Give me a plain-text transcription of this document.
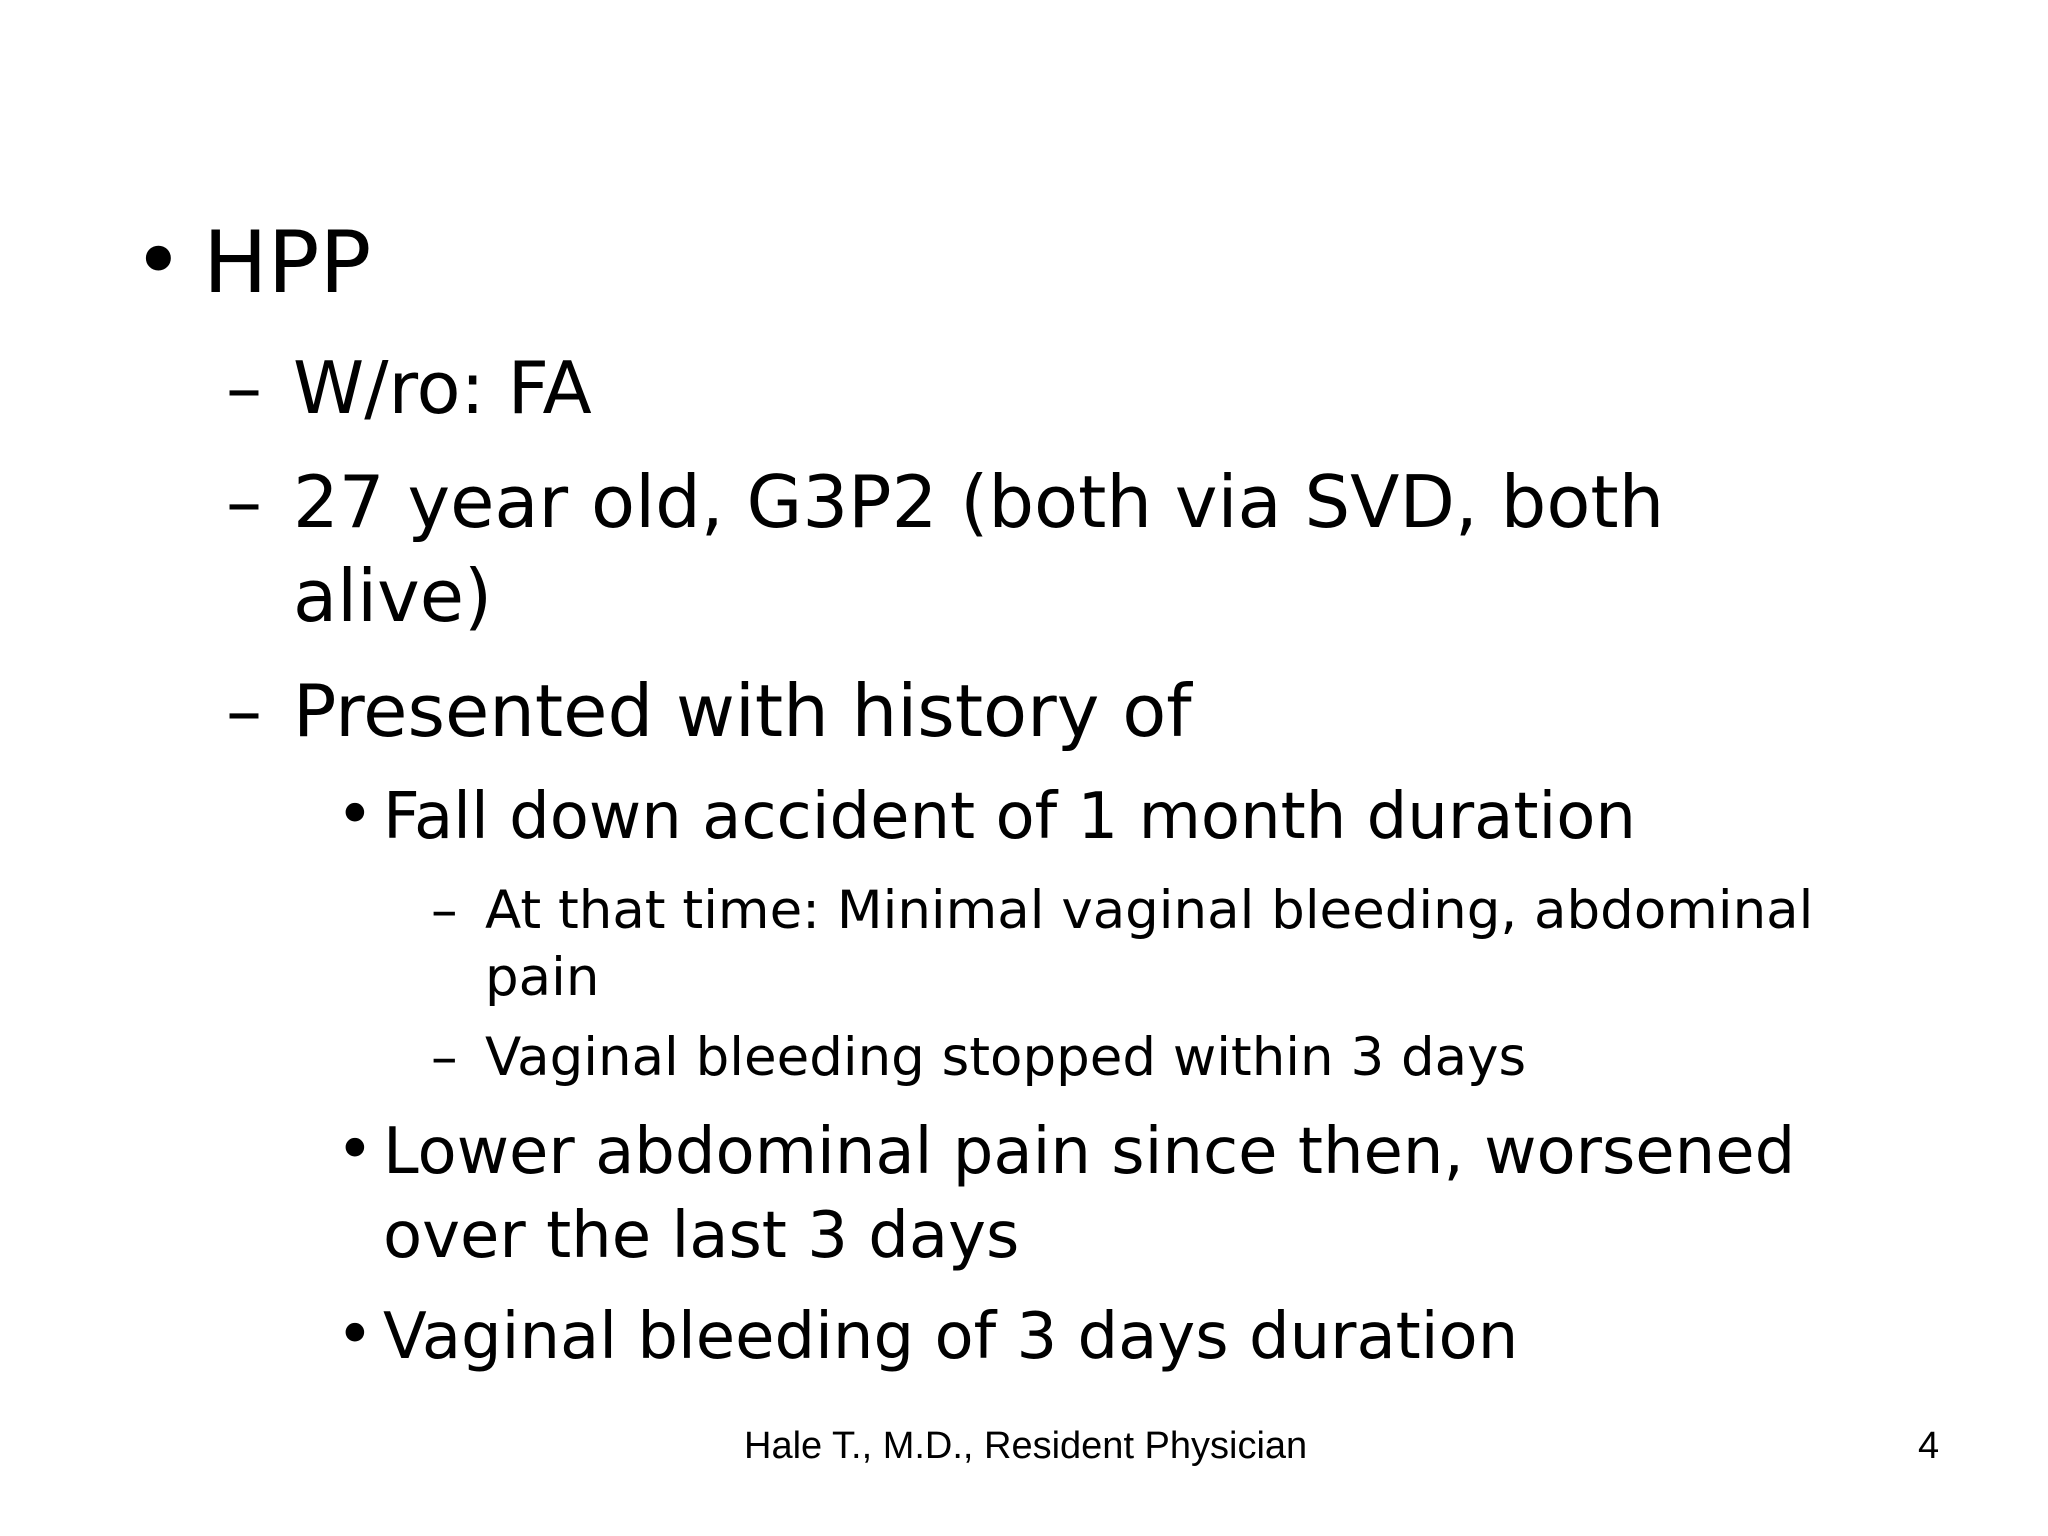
• HPP
– W/ro: FA
– 27 year old, G3P2 (both via SVD, both
alive)
– Presented with history of
• Fall down accident of 1 month duration
– At that time: Minimal vaginal bleeding, abdominal
pain
– Vaginal bleeding stopped within 3 days
• Lower abdominal pain since then, worsened
over the last 3 days
• Vaginal bleeding of 3 days duration
Hale T., M.D., Resident Physician	4
